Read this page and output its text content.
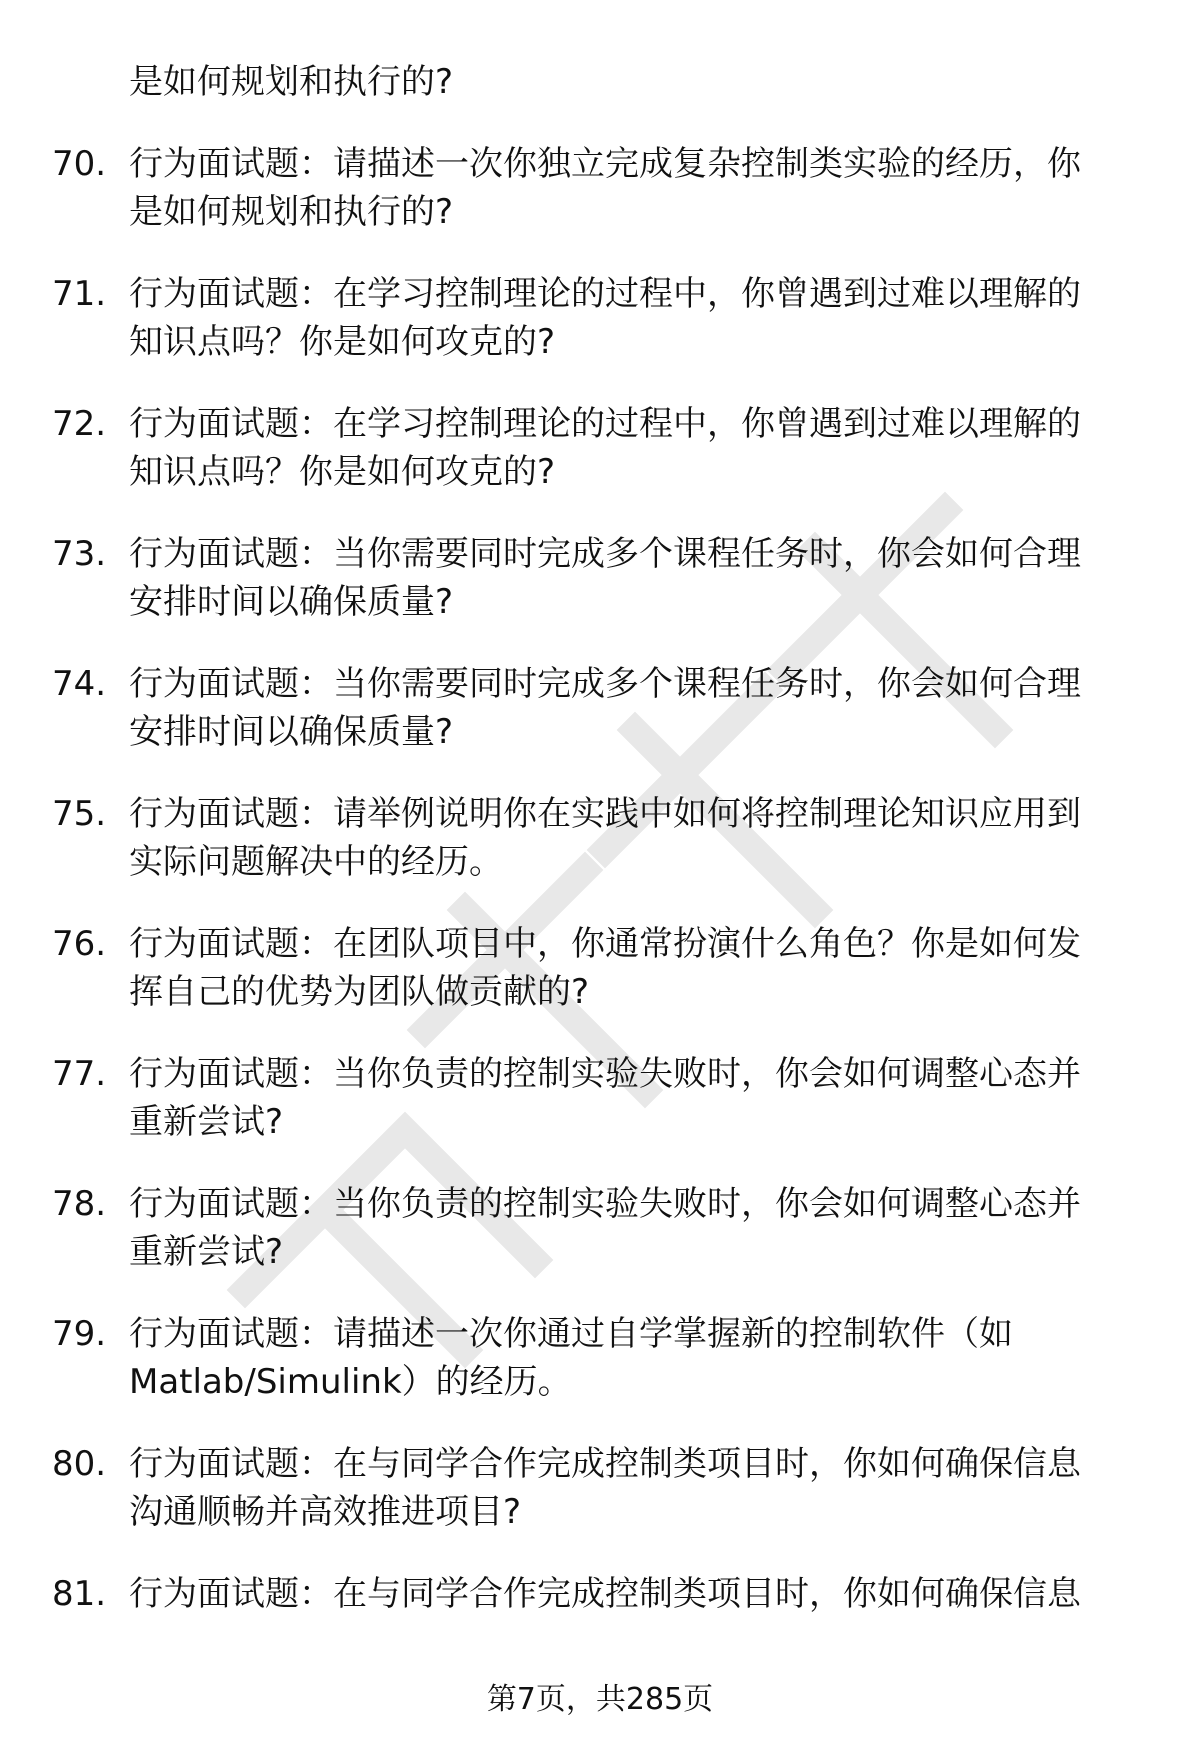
是如何规划和执行的?
70. 行为面试题：请描述一次你独立完成复杂控制类实验的经历，你
是如何规划和执行的?
71. 行为面试题：在学习控制理论的过程中，你曾遇到过难以理解的
知识点吗？你是如何攻克的?
72. 行为面试题：在学习控制理论的过程中，你曾遇到过难以理解的
知识点吗？你是如何攻克的?
73. 行为面试题：当你需要同时完成多个课程任务时，你会如何合理
安排时间以确保质量?
74. 行为面试题：当你需要同时完成多个课程任务时，你会如何合理
安排时间以确保质量?
75. 行为面试题：请举例说明你在实践中如何将控制理论知识应用到
实际问题解决中的经历。
76. 行为面试题：在团队项目中，你通常扮演什么角色？你是如何发
挥自己的优势为团队做贡献的?
77. 行为面试题：当你负责的控制实验失败时，你会如何调整心态并
重新尝试?
78. 行为面试题：当你负责的控制实验失败时，你会如何调整心态并
重新尝试?
79. 行为面试题：请描述一次你通过自学掌握新的控制软件（如
Matlab/Simulink）的经历。
80. 行为面试题：在与同学合作完成控制类项目时，你如何确保信息
沟通顺畅并高效推进项目?
81. 行为面试题：在与同学合作完成控制类项目时，你如何确保信息
第7页，共285页
